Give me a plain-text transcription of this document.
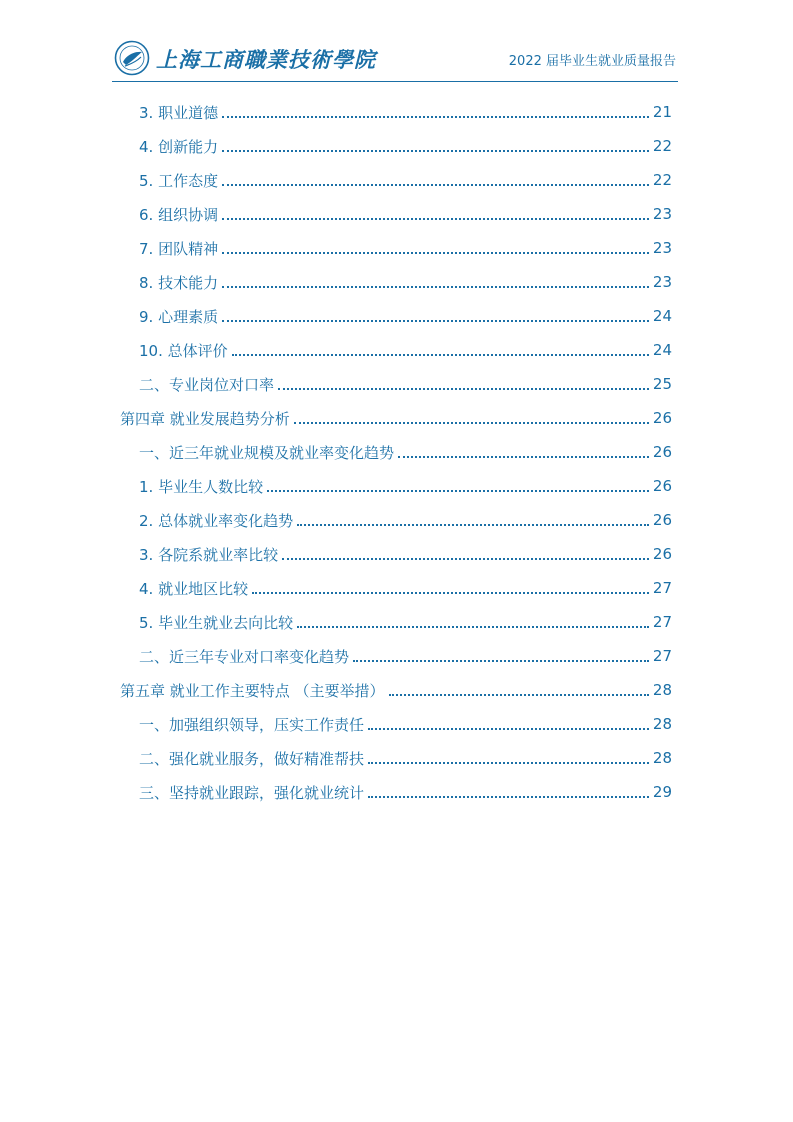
上海工商職業技術學院	2022 届毕业生就业质量报告
3. 职业道德	21
4. 创新能力	22
5. 工作态度	22
6. 组织协调	23
7. 团队精神	23
8. 技术能力	23
9. 心理素质	24
10. 总体评价	24
二、专业岗位对口率	25
第四章 就业发展趋势分析	26
一、近三年就业规模及就业率变化趋势	26
1. 毕业生人数比较	26
2. 总体就业率变化趋势	26
3. 各院系就业率比较	26
4. 就业地区比较	27
5. 毕业生就业去向比较	27
二、近三年专业对口率变化趋势	27
第五章 就业工作主要特点 （主要举措）	28
一、加强组织领导，压实工作责任	28
二、强化就业服务，做好精准帮扶	28
三、坚持就业跟踪，强化就业统计	29
